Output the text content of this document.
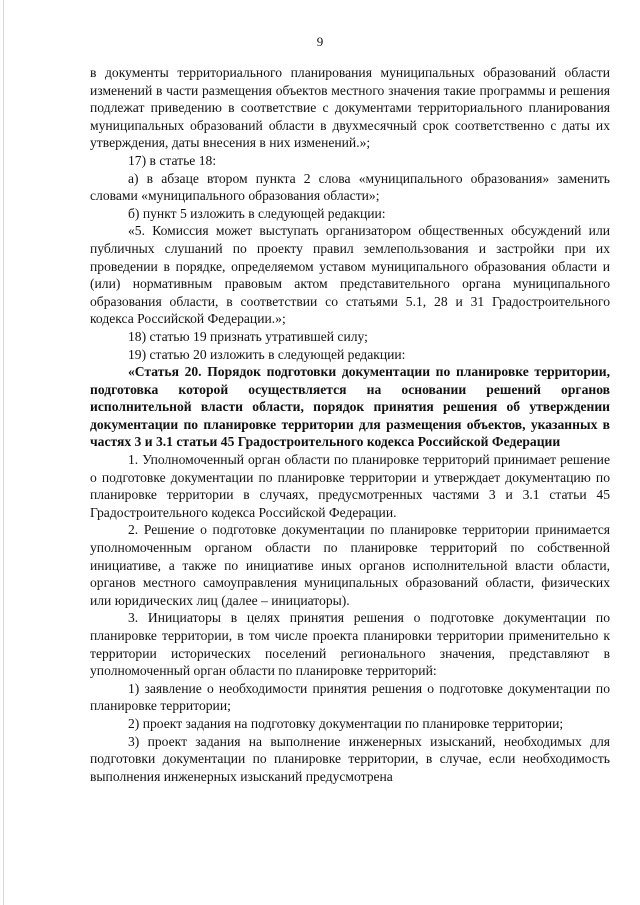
9

в документы территориального планирования муниципальных образований области изменений в части размещения объектов местного значения такие программы и решения подлежат приведению в соответствие с документами территориального планирования муниципальных образований области в двухмесячный срок соответственно с даты их утверждения, даты внесения в них изменений.»;

17) в статье 18:

а) в абзаце втором пункта 2 слова «муниципального образования» заменить словами «муниципального образования области»;

б) пункт 5 изложить в следующей редакции:

«5. Комиссия может выступать организатором общественных обсуждений или публичных слушаний по проекту правил землепользования и застройки при их проведении в порядке, определяемом уставом муниципального образования области и (или) нормативным правовым актом представительного органа муниципального образования области, в соответствии со статьями 5.1, 28 и 31 Градостроительного кодекса Российской Федерации.»;

18) статью 19 признать утратившей силу;

19) статью 20 изложить в следующей редакции:

«Статья 20. Порядок подготовки документации по планировке территории, подготовка которой осуществляется на основании решений органов исполнительной власти области, порядок принятия решения об утверждении документации по планировке территории для размещения объектов, указанных в частях 3 и 3.1 статьи 45 Градостроительного кодекса Российской Федерации

1. Уполномоченный орган области по планировке территорий принимает решение о подготовке документации по планировке территории и утверждает документацию по планировке территории в случаях, предусмотренных частями 3 и 3.1 статьи 45 Градостроительного кодекса Российской Федерации.

2. Решение о подготовке документации по планировке территории принимается уполномоченным органом области по планировке территорий по собственной инициативе, а также по инициативе иных органов исполнительной власти области, органов местного самоуправления муниципальных образований области, физических или юридических лиц (далее – инициаторы).

3. Инициаторы в целях принятия решения о подготовке документации по планировке территории, в том числе проекта планировки территории применительно к территории исторических поселений регионального значения, представляют в уполномоченный орган области по планировке территорий:

1) заявление о необходимости принятия решения о подготовке документации по планировке территории;

2) проект задания на подготовку документации по планировке территории;

3) проект задания на выполнение инженерных изысканий, необходимых для подготовки документации по планировке территории, в случае, если необходимость выполнения инженерных изысканий предусмотрена
